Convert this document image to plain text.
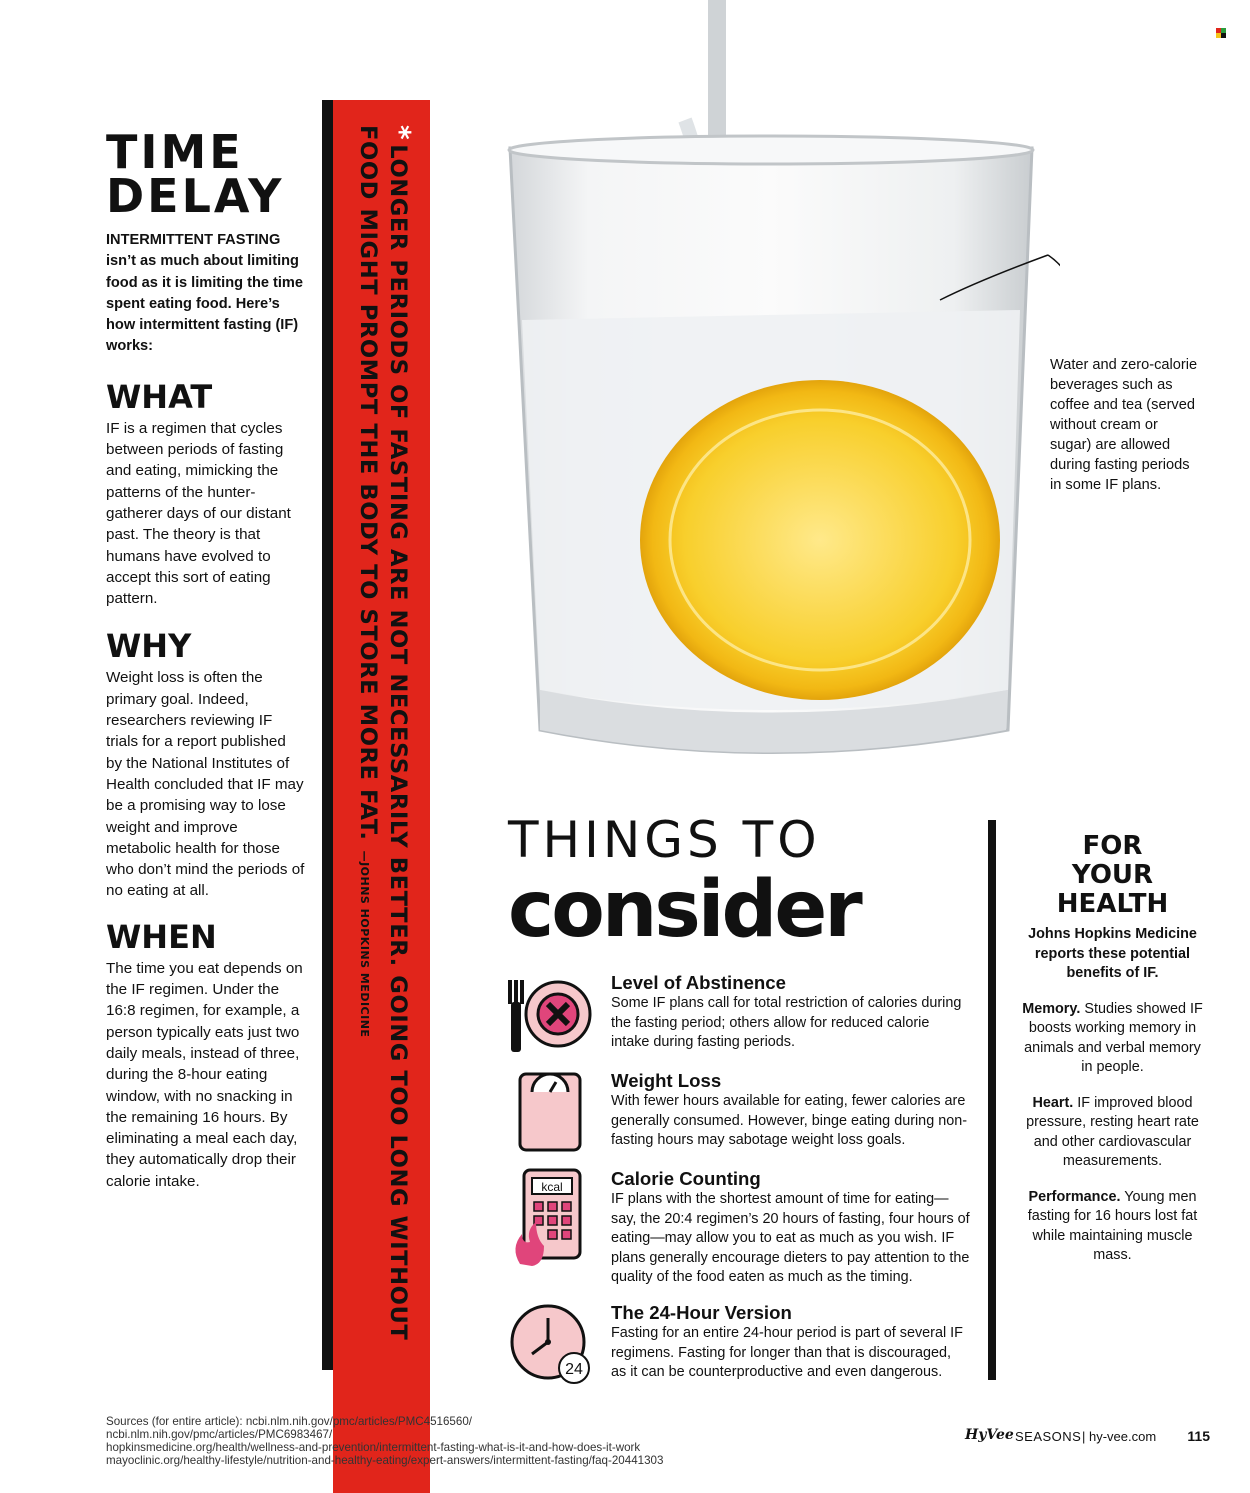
TIME
DELAY
INTERMITTENT FASTING isn’t as much about limiting food as it is limiting the time spent eating food. Here’s how intermittent fasting (IF) works:
WHAT
IF is a regimen that cycles between periods of fasting and eating, mimicking the patterns of the hunter-gatherer days of our distant past. The theory is that humans have evolved to accept this sort of eating pattern.
WHY
Weight loss is often the primary goal. Indeed, researchers reviewing IF trials for a report published by the National Institutes of Health concluded that IF may be a promising way to lose weight and improve metabolic health for those who don’t mind the periods of no eating at all.
WHEN
The time you eat depends on the IF regimen. Under the 16:8 regimen, for example, a person typically eats just two daily meals, instead of three, during the 8-hour eating window, with no snacking in the remaining 16 hours. By eliminating a meal each day, they automatically drop their calorie intake.
*LONGER PERIODS OF FASTING ARE NOT NECESSARILY BETTER. GOING TOO LONG WITHOUT FOOD MIGHT PROMPT THE BODY TO STORE MORE FAT.—JOHNS HOPKINS MEDICINE
Water and zero-calorie beverages such as coffee and tea (served without cream or sugar) are allowed during fasting periods in some IF plans.
THINGS TO
consider
Level of Abstinence

Some IF plans call for total restriction of calories during the fasting period; others allow for reduced calorie intake during fasting periods.

Weight Loss

With fewer hours available for eating, fewer calories are generally consumed. However, binge eating during non-fasting hours may sabotage weight loss goals.

kcal	Calorie Counting

IF plans with the shortest amount of time for eating—say, the 20:4 regimen’s 20 hours of fasting, four hours of eating—may allow you to eat as much as you wish. IF plans generally encourage dieters to pay attention to the quality of the food eaten as much as the timing.

24
The 24-Hour Version

Fasting for an entire 24-hour period is part of several IF regimens. Fasting for longer than that is discouraged, as it can be counterproductive and even dangerous.

FOR
YOUR
HEALTH
Johns Hopkins Medicine reports these potential benefits of IF.
Memory. Studies showed IF boosts working memory in animals and verbal memory in people.
Heart. IF improved blood pressure, resting heart rate and other cardiovascular measurements.
Performance. Young men fasting for 16 hours lost fat while maintaining muscle mass.
Sources (for entire article): ncbi.nlm.nih.gov/pmc/articles/PMC4516560/
ncbi.nlm.nih.gov/pmc/articles/PMC6983467/
hopkinsmedicine.org/health/wellness-and-prevention/intermittent-fasting-what-is-it-and-how-does-it-work
mayoclinic.org/healthy-lifestyle/nutrition-and-healthy-eating/expert-answers/intermittent-fasting/faq-20441303
HyVee SEASONS | hy-vee.com 115
